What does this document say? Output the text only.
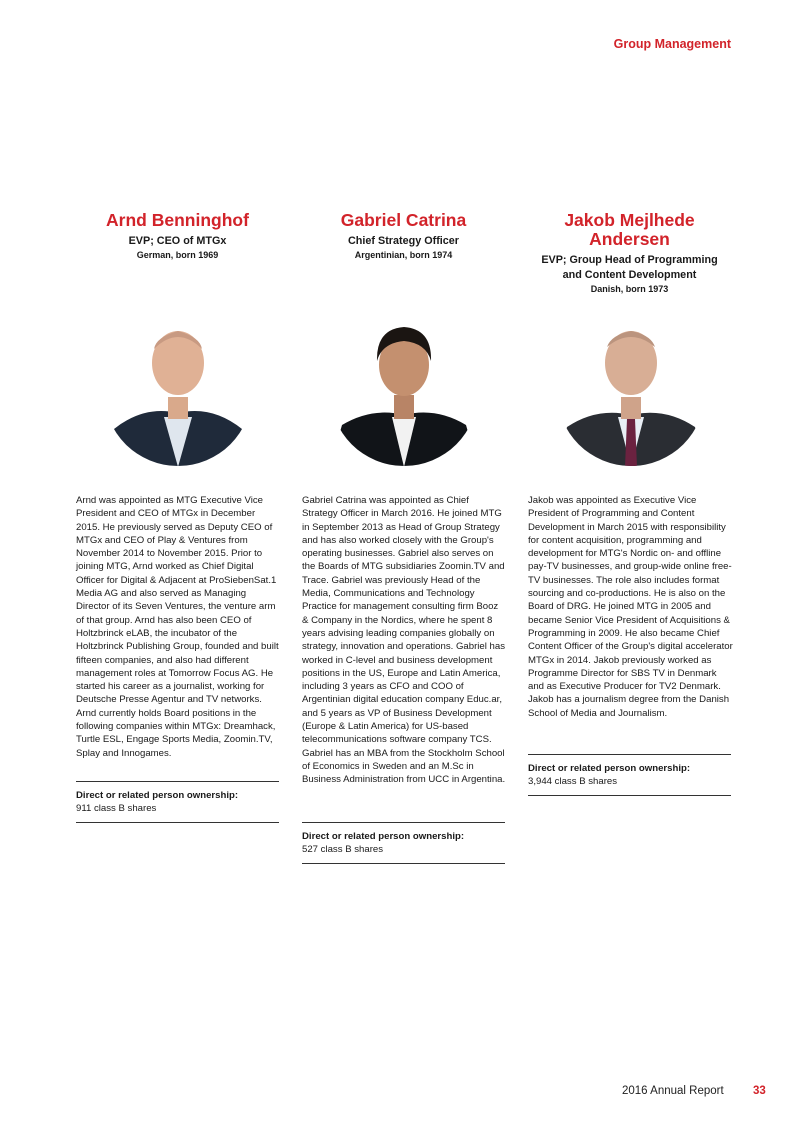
Group Management
Arnd Benninghof
EVP; CEO of MTGx
German, born 1969
Gabriel Catrina
Chief Strategy Officer
Argentinian, born 1974
Jakob Mejlhede Andersen
EVP; Group Head of Programming and Content Development
Danish, born 1973

Arnd was appointed as MTG Executive Vice President and CEO of MTGx in December 2015. He previously served as Deputy CEO of MTGx and CEO of Play & Ventures from November 2014 to November 2015. Prior to joining MTG, Arnd worked as Chief Digital Officer for Digital & Adjacent at ProSiebenSat.1 Media AG and also served as Managing Director of its Seven Ventures, the venture arm of that group. Arnd has also been CEO of Holtzbrinck eLAB, the incubator of the Holtzbrinck Publishing Group, founded and built fifteen companies, and also had different management roles at Tomorrow Focus AG. He started his career as a journalist, working for Deutsche Presse Agentur and TV networks. Arnd currently holds Board positions in the following companies within MTGx: Dreamhack, Turtle ESL, Engage Sports Media, Zoomin.TV, Splay and Innogames.

Gabriel Catrina was appointed as Chief Strategy Officer in March 2016. He joined MTG in September 2013 as Head of Group Strategy and has also worked closely with the Group's operating businesses. Gabriel also serves on the Boards of MTG subsidiaries Zoomin.TV and Trace. Gabriel was previously Head of the Media, Communications and Technology Practice for management consulting firm Booz & Company in the Nordics, where he spent 8 years advising leading companies globally on strategy, innovation and operations. Gabriel has worked in C-level and business development positions in the US, Europe and Latin America, including 3 years as CFO and COO of Argentinian digital education company Educ.ar, and 5 years as VP of Business Development (Europe & Latin America) for US-based telecommunications software company TCS. Gabriel has an MBA from the Stockholm School of Economics in Sweden and an M.Sc in Business Administration from UCC in Argentina.

Jakob was appointed as Executive Vice President of Programming and Content Development in March 2015 with responsibility for content acquisition, programming and development for MTG's Nordic on- and offline pay-TV businesses, and group-wide online free-TV businesses. The role also includes format sourcing and co-productions. He is also on the Board of DRG. He joined MTG in 2005 and became Senior Vice President of Acquisitions & Programming in 2009. He also became Chief Content Officer of the Group's digital accelerator MTGx in 2014. Jakob previously worked as Programme Director for SBS TV in Denmark and as Executive Producer for TV2 Denmark. Jakob has a journalism degree from the Danish School of Media and Journalism.

Direct or related person ownership:
911 class B shares
Direct or related person ownership:
527 class B shares
Direct or related person ownership:
3,944 class B shares
2016 Annual Report	33
